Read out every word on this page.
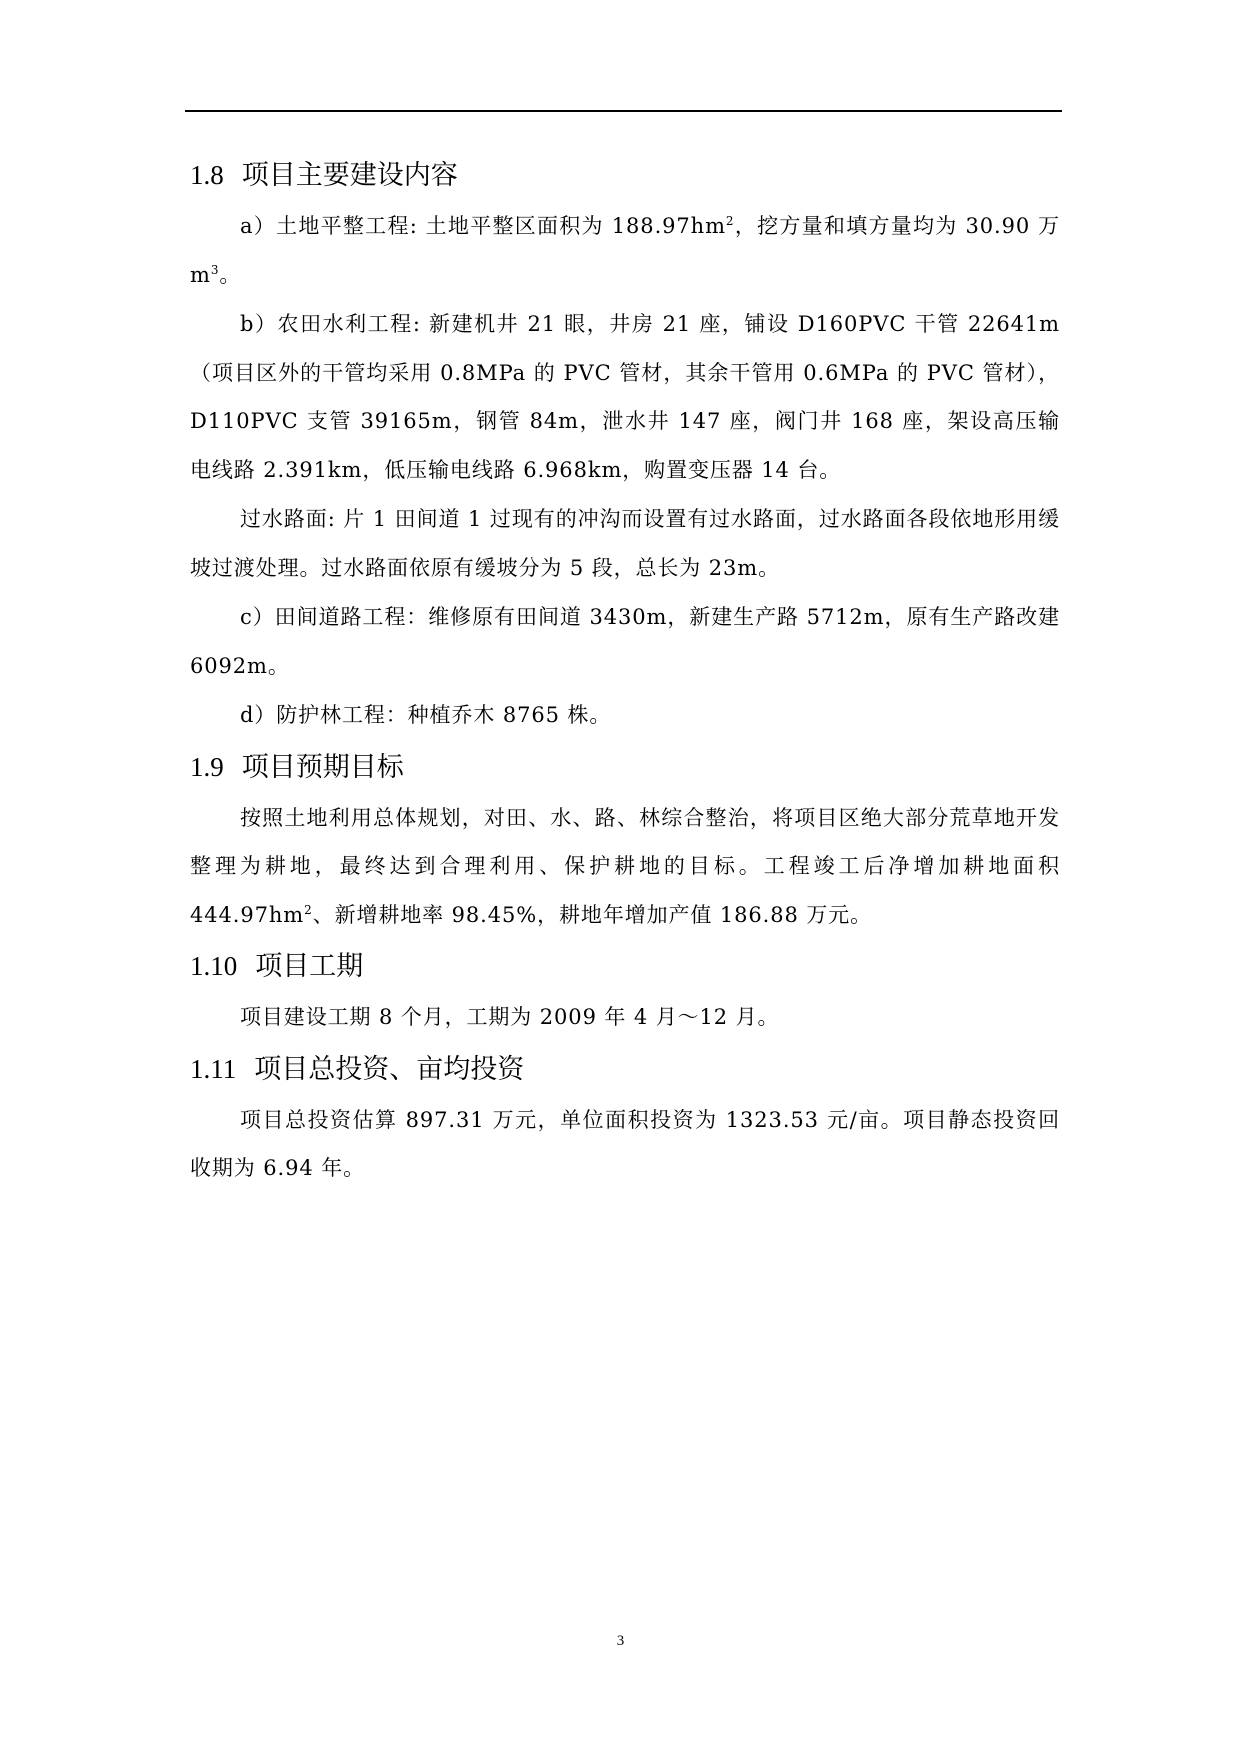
1.8 项目主要建设内容

a）土地平整工程: 土地平整区面积为 $188.97hm^2$，挖方量和填方量均为 30.90 万 $m^3$。

b）农田水利工程: 新建机井 21 眼，井房 21 座，铺设 D160PVC 干管 22641m（项目区外的干管均采用 0.8MPa 的 PVC 管材，其余干管用 0.6MPa 的 PVC 管材），D110PVC 支管 39165m，钢管 84m，泄水井 147 座，阀门井 168 座，架设高压输电线路 2.391km，低压输电线路 6.968km，购置变压器 14 台。

过水路面: 片 1 田间道 1 过现有的冲沟而设置有过水路面，过水路面各段依地形用缓坡过渡处理。过水路面依原有缓坡分为 5 段，总长为 23m。

c）田间道路工程：维修原有田间道 3430m，新建生产路 5712m，原有生产路改建 6092m。

d）防护林工程：种植乔木 8765 株。

1.9 项目预期目标

按照土地利用总体规划，对田、水、路、林综合整治，将项目区绝大部分荒草地开发整理为耕地，最终达到合理利用、保护耕地的目标。工程竣工后净增加耕地面积 $444.97hm^2$、新增耕地率 98.45%，耕地年增加产值 186.88 万元。

1.10 项目工期

项目建设工期 8 个月，工期为 2009 年 4 月～12 月。

1.11 项目总投资、亩均投资

项目总投资估算 897.31 万元，单位面积投资为 1323.53 元/亩。项目静态投资回收期为 6.94 年。

3
